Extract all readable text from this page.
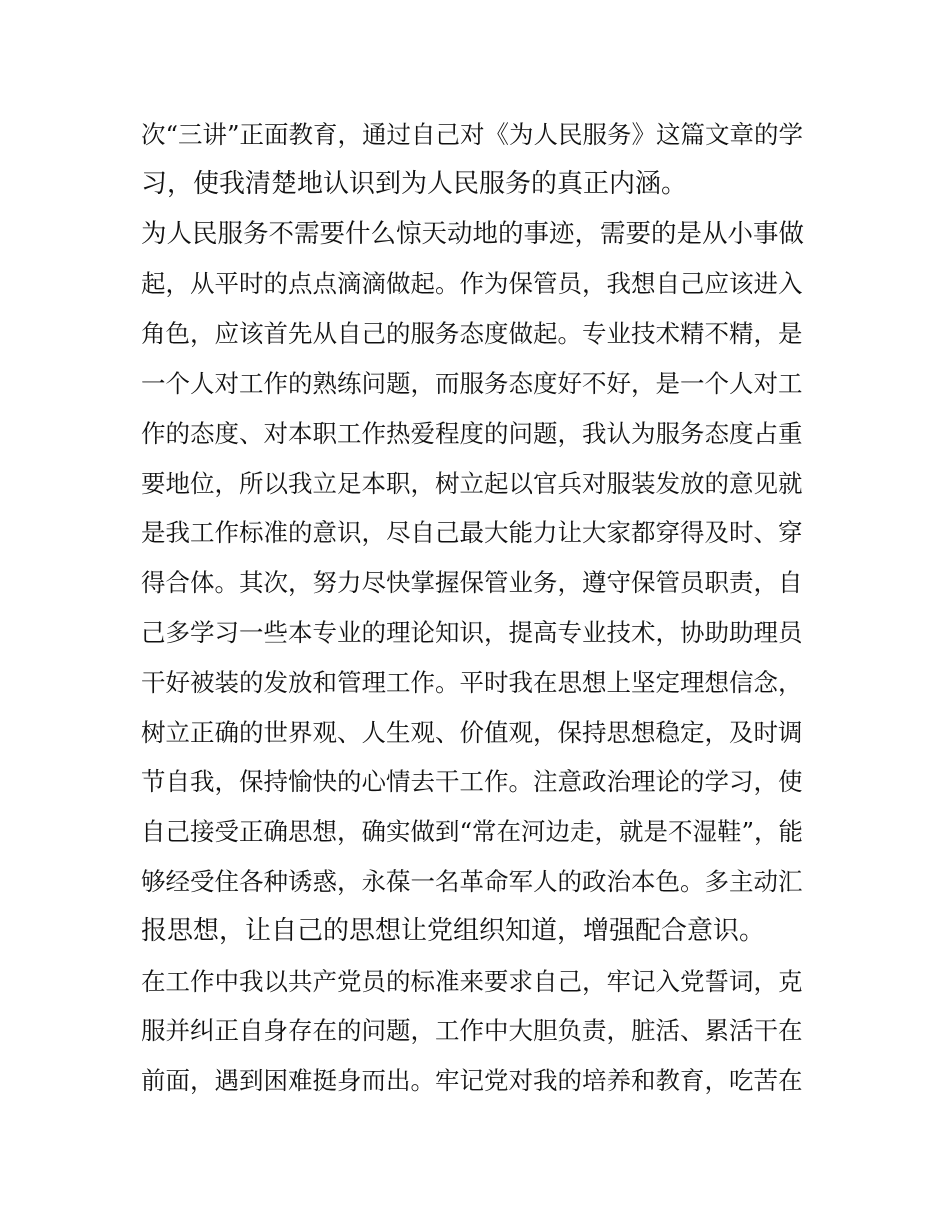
次“三讲”正面教育，通过自己对《为人民服务》这篇文章的学
习，使我清楚地认识到为人民服务的真正内涵。
为人民服务不需要什么惊天动地的事迹，需要的是从小事做
起，从平时的点点滴滴做起。作为保管员，我想自己应该进入
角色，应该首先从自己的服务态度做起。专业技术精不精，是
一个人对工作的熟练问题，而服务态度好不好，是一个人对工
作的态度、对本职工作热爱程度的问题，我认为服务态度占重
要地位，所以我立足本职，树立起以官兵对服装发放的意见就
是我工作标准的意识，尽自己最大能力让大家都穿得及时、穿
得合体。其次，努力尽快掌握保管业务，遵守保管员职责，自
己多学习一些本专业的理论知识，提高专业技术，协助助理员
干好被装的发放和管理工作。平时我在思想上坚定理想信念，
树立正确的世界观、人生观、价值观，保持思想稳定，及时调
节自我，保持愉快的心情去干工作。注意政治理论的学习，使
自己接受正确思想，确实做到“常在河边走，就是不湿鞋”，能
够经受住各种诱惑，永葆一名革命军人的政治本色。多主动汇
报思想，让自己的思想让党组织知道，增强配合意识。
在工作中我以共产党员的标准来要求自己，牢记入党誓词，克
服并纠正自身存在的问题，工作中大胆负责，脏活、累活干在
前面，遇到困难挺身而出。牢记党对我的培养和教育，吃苦在
